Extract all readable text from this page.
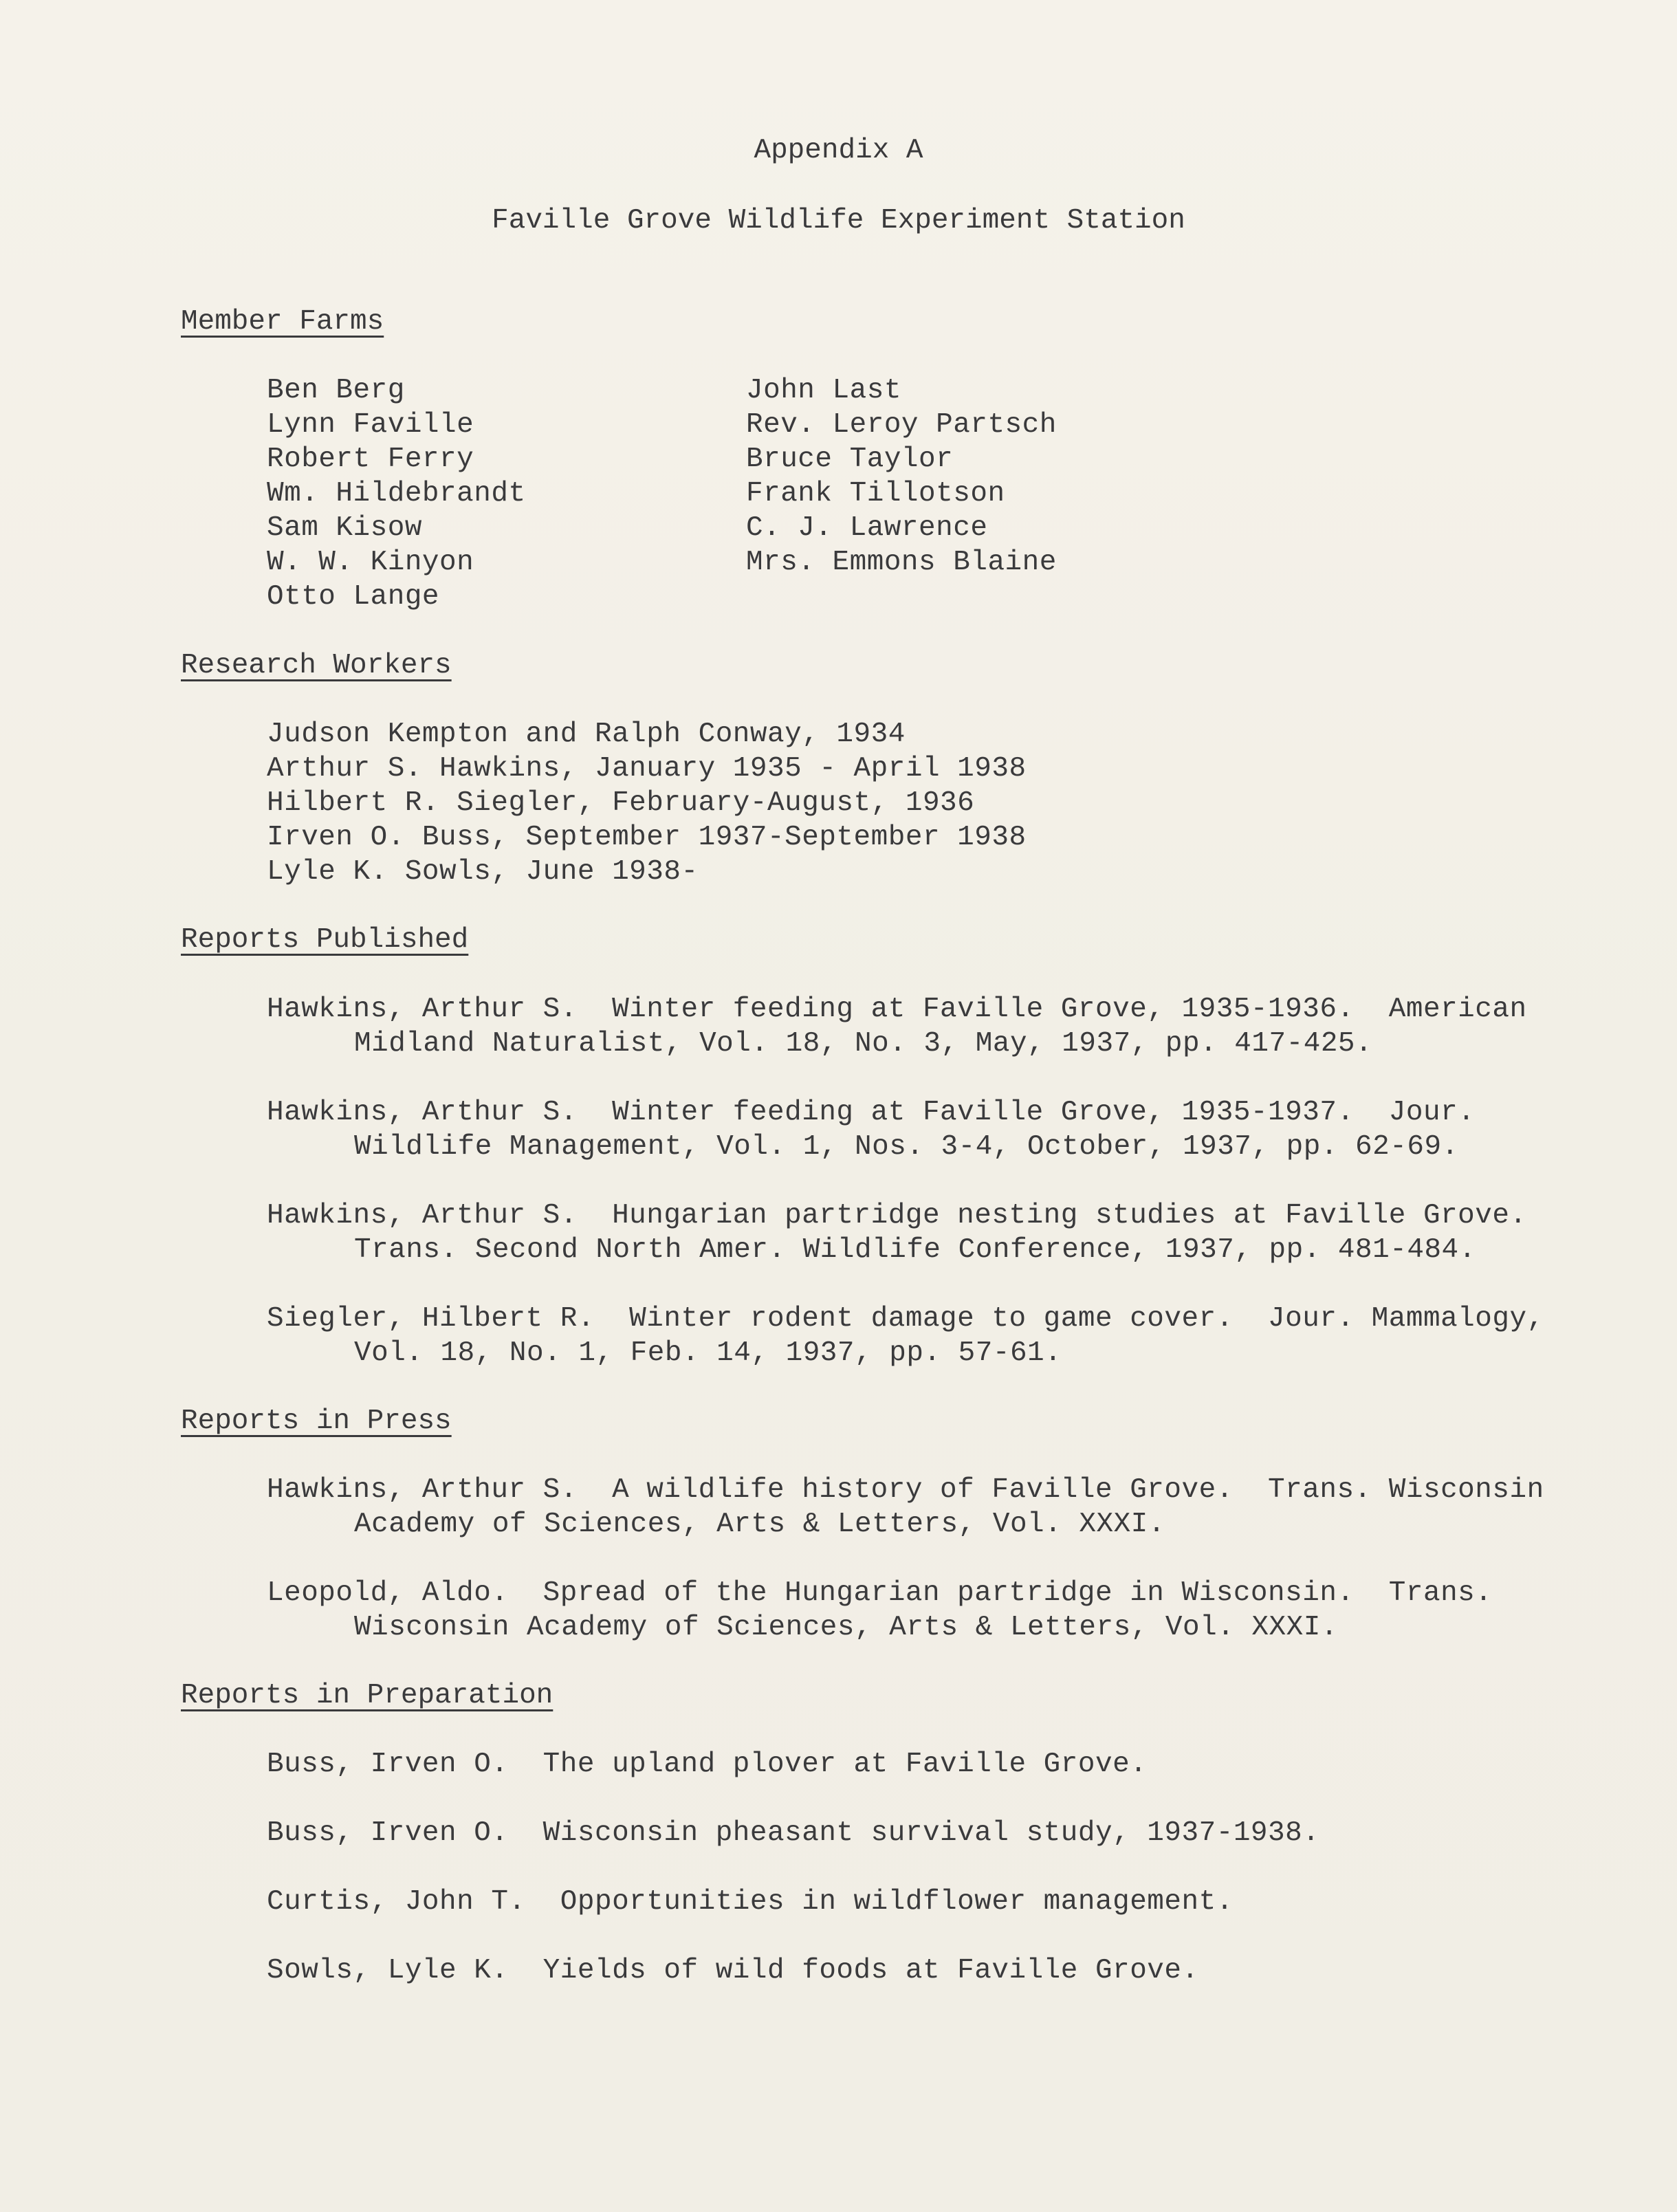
Appendix A
Faville Grove Wildlife Experiment Station
Member Farms
Ben Berg
Lynn Faville
Robert Ferry
Wm. Hildebrandt
Sam Kisow
W. W. Kinyon
Otto Lange
John Last
Rev. Leroy Partsch
Bruce Taylor
Frank Tillotson
C. J. Lawrence
Mrs. Emmons Blaine
Research Workers
Judson Kempton and Ralph Conway, 1934
Arthur S. Hawkins, January 1935 - April 1938
Hilbert R. Siegler, February-August, 1936
Irven O. Buss, September 1937-September 1938
Lyle K. Sowls, June 1938-
Reports Published
Hawkins, Arthur S.  Winter feeding at Faville Grove, 1935-1936.  American
Midland Naturalist, Vol. 18, No. 3, May, 1937, pp. 417-425.
Hawkins, Arthur S.  Winter feeding at Faville Grove, 1935-1937.  Jour.
Wildlife Management, Vol. 1, Nos. 3-4, October, 1937, pp. 62-69.
Hawkins, Arthur S.  Hungarian partridge nesting studies at Faville Grove.
Trans. Second North Amer. Wildlife Conference, 1937, pp. 481-484.
Siegler, Hilbert R.  Winter rodent damage to game cover.  Jour. Mammalogy,
Vol. 18, No. 1, Feb. 14, 1937, pp. 57-61.
Reports in Press
Hawkins, Arthur S.  A wildlife history of Faville Grove.  Trans. Wisconsin
Academy of Sciences, Arts & Letters, Vol. XXXI.
Leopold, Aldo.  Spread of the Hungarian partridge in Wisconsin.  Trans.
Wisconsin Academy of Sciences, Arts & Letters, Vol. XXXI.
Reports in Preparation
Buss, Irven O.  The upland plover at Faville Grove.
Buss, Irven O.  Wisconsin pheasant survival study, 1937-1938.
Curtis, John T.  Opportunities in wildflower management.
Sowls, Lyle K.  Yields of wild foods at Faville Grove.
